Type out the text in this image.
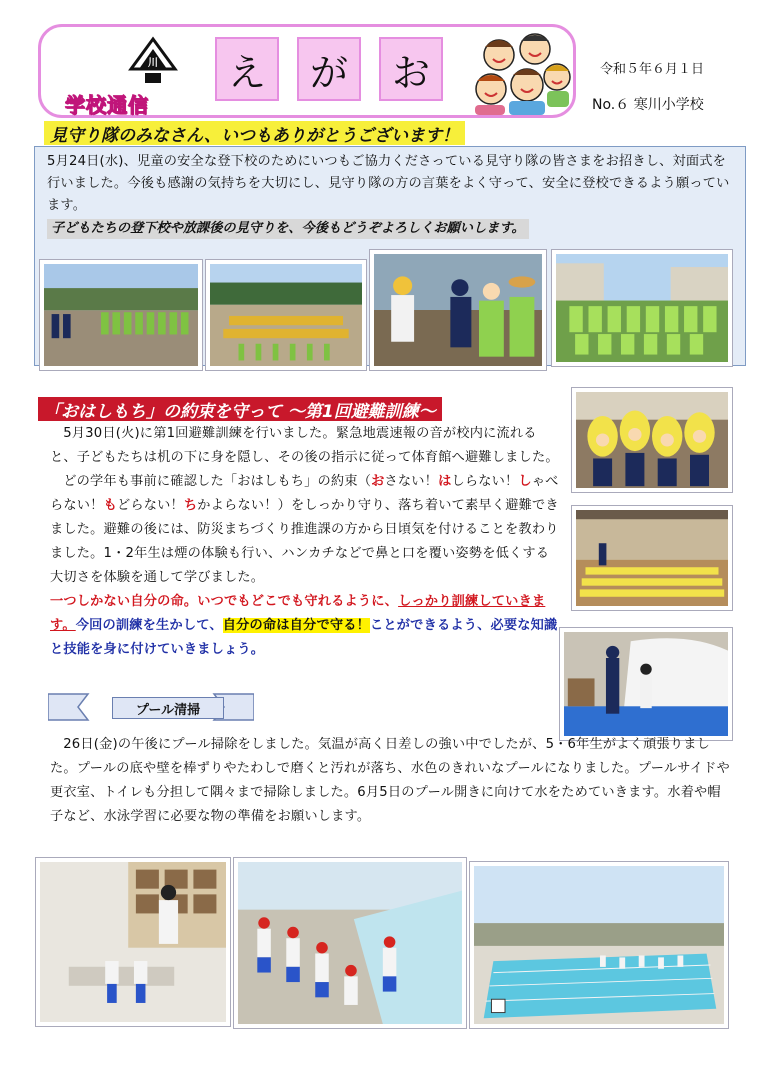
川
学校通信
え	が	お	令和５年６月１日
No.６ 寒川小学校
見守り隊のみなさん、いつもありがとうございます！
5月24日(水)、児童の安全な登下校のためにいつもご協力くださっている見守り隊の皆さまをお招きし、対面式を行いました。今後も感謝の気持ちを大切にし、見守り隊の方の言葉をよく守って、安全に登校できるよう願っています。
子どもたちの登下校や放課後の見守りを、今後もどうぞよろしくお願いします。
「おはしもち」の約束を守って ～第1回避難訓練～

5月30日(火)に第1回避難訓練を行いました。緊急地震速報の音が校内に流れると、子どもたちは机の下に身を隠し、その後の指示に従って体育館へ避難しました。

どの学年も事前に確認した「おはしもち」の約束（おさない！はしらない！しゃべらない！もどらない！ちかよらない！）をしっかり守り、落ち着いて素早く避難できました。避難の後には、防災まちづくり推進課の方から日頃気を付けることを教わりました。1・2年生は煙の体験も行い、ハンカチなどで鼻と口を覆い姿勢を低くする大切さを体験を通して学びました。

一つしかない自分の命。いつでもどこでも守れるように、しっかり訓練していきます。今回の訓練を生かして、自分の命は自分で守る！ことができるよう、必要な知識と技能を身に付けていきましょう。

プール清掃

26日(金)の午後にプール掃除をしました。気温が高く日差しの強い中でしたが、5・6年生がよく頑張りました。プールの底や壁を棒ずりやたわしで磨くと汚れが落ち、水色のきれいなプールになりました。プールサイドや更衣室、トイレも分担して隅々まで掃除しました。6月5日のプール開きに向けて水をためていきます。水着や帽子など、水泳学習に必要な物の準備をお願いします。
